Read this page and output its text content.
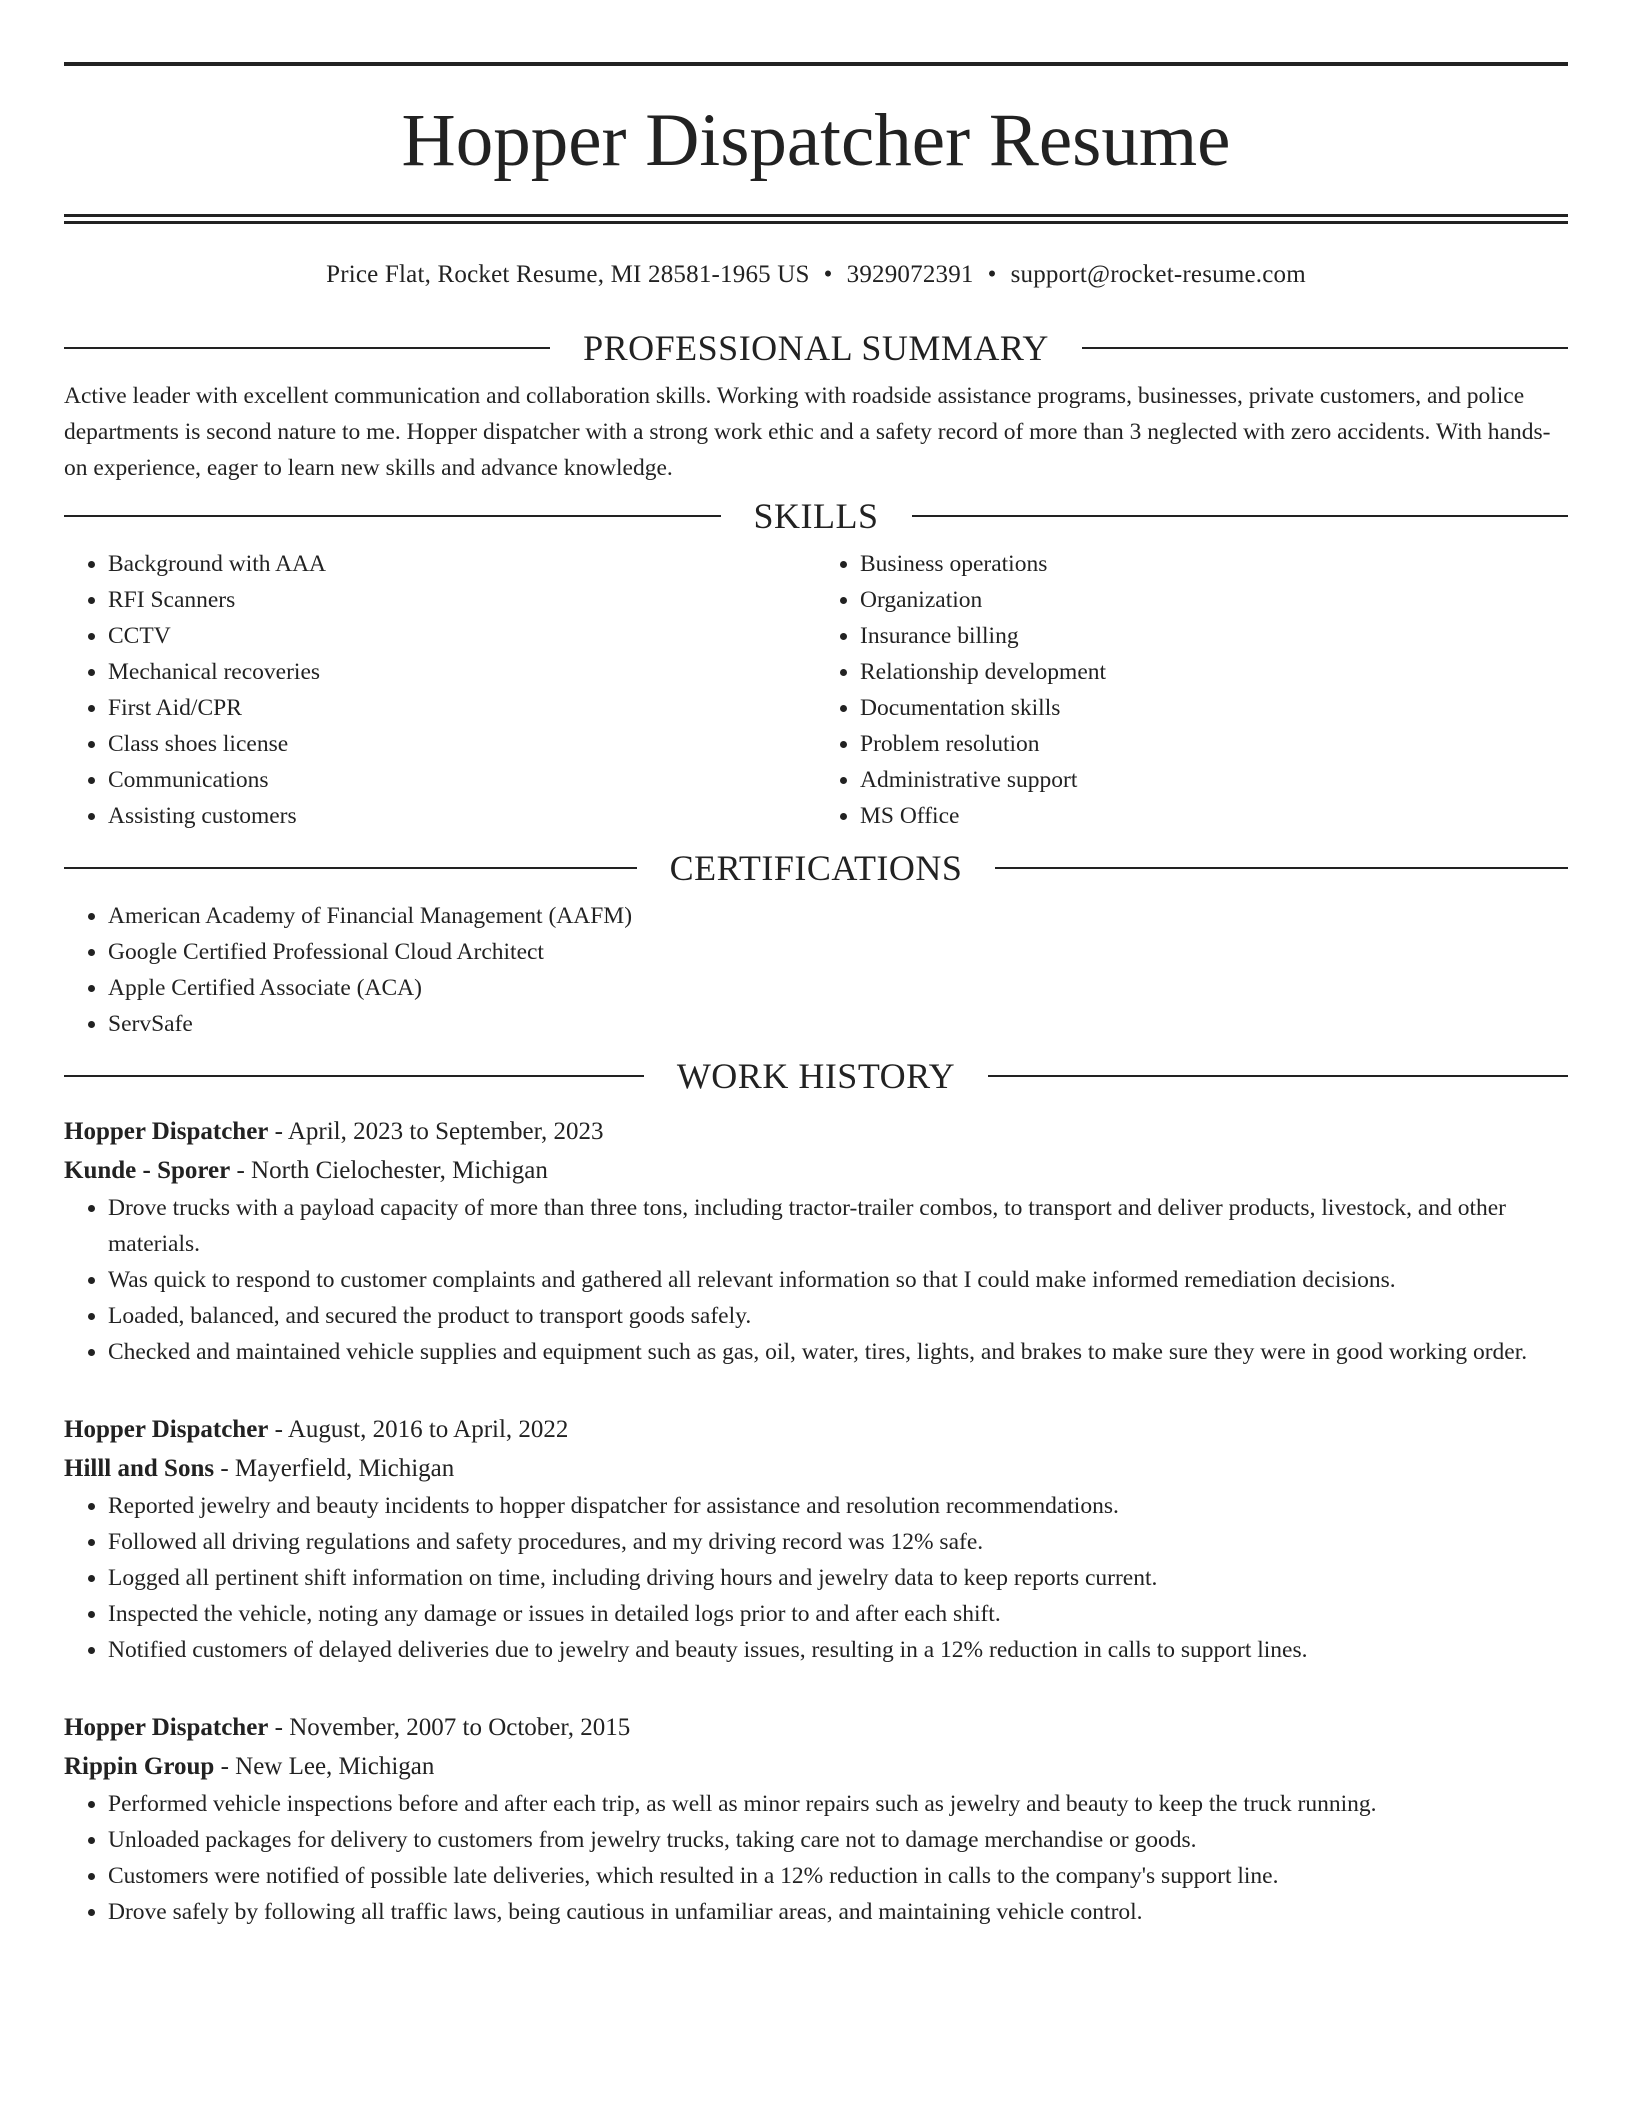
Hopper Dispatcher Resume
Price Flat, Rocket Resume, MI 28581-1965 US • 3929072391 • support@rocket-resume.com
PROFESSIONAL SUMMARY

Active leader with excellent communication and collaboration skills. Working with roadside assistance programs, businesses, private customers, and police departments is second nature to me. Hopper dispatcher with a strong work ethic and a safety record of more than 3 neglected with zero accidents. With hands-on experience, eager to learn new skills and advance knowledge.

SKILLS
• Background with AAA
• RFI Scanners
• CCTV
• Mechanical recoveries
• First Aid/CPR
• Class shoes license
• Communications
• Assisting customers
• Business operations
• Organization
• Insurance billing
• Relationship development
• Documentation skills
• Problem resolution
• Administrative support
• MS Office
CERTIFICATIONS
• American Academy of Financial Management (AAFM)
• Google Certified Professional Cloud Architect
• Apple Certified Associate (ACA)
• ServSafe
WORK HISTORY
Hopper Dispatcher - April, 2023 to September, 2023
Kunde - Sporer - North Cielochester, Michigan
• Drove trucks with a payload capacity of more than three tons, including tractor-trailer combos, to transport and deliver products, livestock, and other materials.
• Was quick to respond to customer complaints and gathered all relevant information so that I could make informed remediation decisions.
• Loaded, balanced, and secured the product to transport goods safely.
• Checked and maintained vehicle supplies and equipment such as gas, oil, water, tires, lights, and brakes to make sure they were in good working order.
Hopper Dispatcher - August, 2016 to April, 2022
Hilll and Sons - Mayerfield, Michigan
• Reported jewelry and beauty incidents to hopper dispatcher for assistance and resolution recommendations.
• Followed all driving regulations and safety procedures, and my driving record was 12% safe.
• Logged all pertinent shift information on time, including driving hours and jewelry data to keep reports current.
• Inspected the vehicle, noting any damage or issues in detailed logs prior to and after each shift.
• Notified customers of delayed deliveries due to jewelry and beauty issues, resulting in a 12% reduction in calls to support lines.
Hopper Dispatcher - November, 2007 to October, 2015
Rippin Group - New Lee, Michigan
• Performed vehicle inspections before and after each trip, as well as minor repairs such as jewelry and beauty to keep the truck running.
• Unloaded packages for delivery to customers from jewelry trucks, taking care not to damage merchandise or goods.
• Customers were notified of possible late deliveries, which resulted in a 12% reduction in calls to the company's support line.
• Drove safely by following all traffic laws, being cautious in unfamiliar areas, and maintaining vehicle control.
